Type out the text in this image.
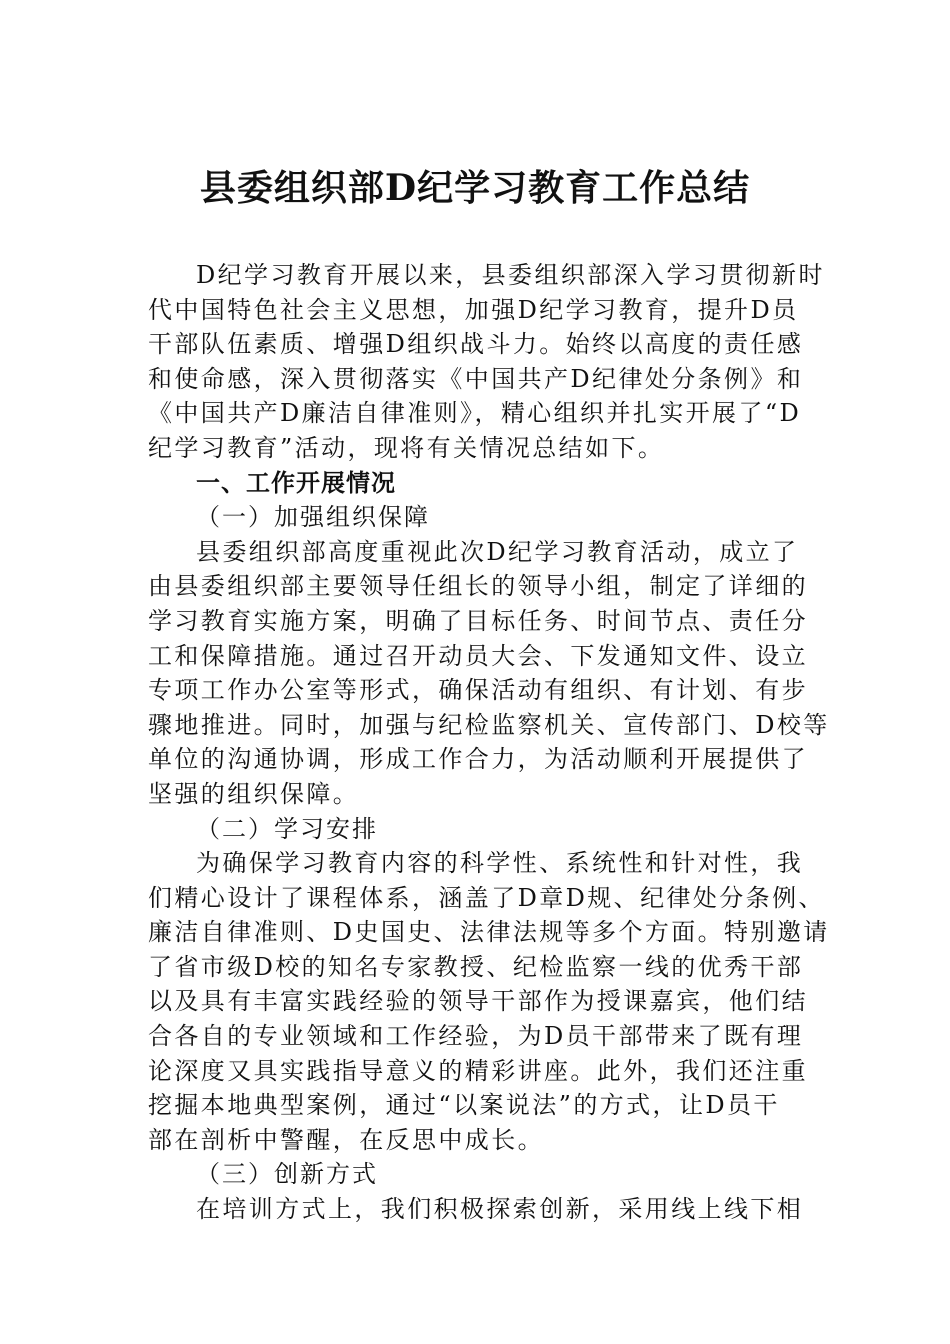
县委组织部D纪学习教育工作总结
D纪学习教育开展以来，县委组织部深入学习贯彻新时
代中国特色社会主义思想，加强D纪学习教育，提升D员
干部队伍素质、增强D组织战斗力。始终以高度的责任感
和使命感，深入贯彻落实《中国共产D纪律处分条例》和
《中国共产D廉洁自律准则》，精心组织并扎实开展了“D
纪学习教育”活动，现将有关情况总结如下。
一、工作开展情况
（一）加强组织保障
县委组织部高度重视此次D纪学习教育活动，成立了
由县委组织部主要领导任组长的领导小组，制定了详细的
学习教育实施方案，明确了目标任务、时间节点、责任分
工和保障措施。通过召开动员大会、下发通知文件、设立
专项工作办公室等形式，确保活动有组织、有计划、有步
骤地推进。同时，加强与纪检监察机关、宣传部门、D校等
单位的沟通协调，形成工作合力，为活动顺利开展提供了
坚强的组织保障。
（二）学习安排
为确保学习教育内容的科学性、系统性和针对性，我
们精心设计了课程体系，涵盖了D章D规、纪律处分条例、
廉洁自律准则、D史国史、法律法规等多个方面。特别邀请
了省市级D校的知名专家教授、纪检监察一线的优秀干部
以及具有丰富实践经验的领导干部作为授课嘉宾，他们结
合各自的专业领域和工作经验，为D员干部带来了既有理
论深度又具实践指导意义的精彩讲座。此外，我们还注重
挖掘本地典型案例，通过“以案说法”的方式，让D员干
部在剖析中警醒，在反思中成长。
（三）创新方式
在培训方式上，我们积极探索创新，采用线上线下相
